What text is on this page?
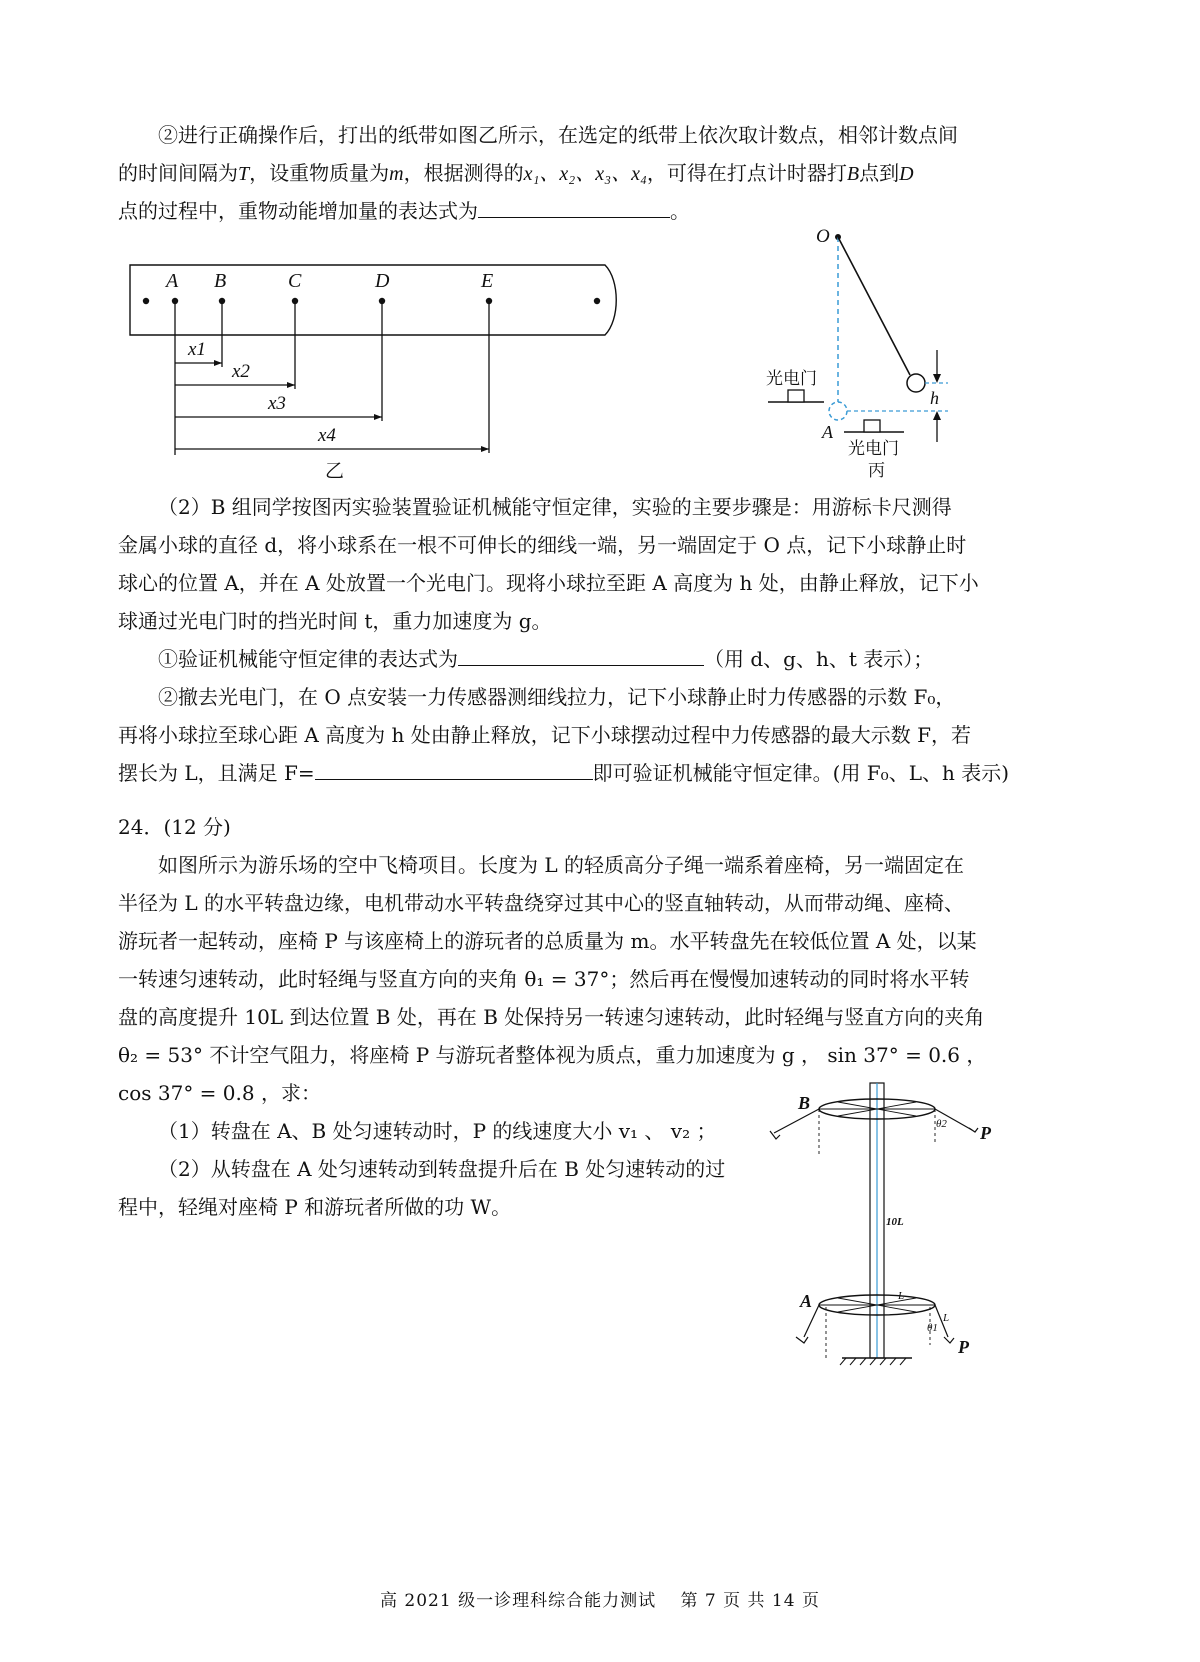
②进行正确操作后，打出的纸带如图乙所示，在选定的纸带上依次取计数点，相邻计数点间
的时间间隔为T，设重物质量为m，根据测得的x₁、x₂、x₃、x₄，可得在打点计时器打B点到D
点的过程中，重物动能增加量的表达式为	。
A B	C	D	E
x1
x2
x3
x4
乙
O
h
光电门
A
光电门
丙
（2）B 组同学按图丙实验装置验证机械能守恒定律，实验的主要步骤是：用游标卡尺测得
金属小球的直径 d，将小球系在一根不可伸长的细线一端，另一端固定于 O 点，记下小球静止时
球心的位置 A，并在 A 处放置一个光电门。现将小球拉至距 A 高度为 h 处，由静止释放，记下小
球通过光电门时的挡光时间 t，重力加速度为 g。
①验证机械能守恒定律的表达式为	（用 d、g、h、t 表示）；
②撤去光电门，在 O 点安装一力传感器测细线拉力，记下小球静止时力传感器的示数 F₀，
再将小球拉至球心距 A 高度为 h 处由静止释放，记下小球摆动过程中力传感器的最大示数 F，若
摆长为 L，且满足 F=	即可验证机械能守恒定律。(用 F₀、L、h 表示)
24．(12 分)
如图所示为游乐场的空中飞椅项目。长度为 L 的轻质高分子绳一端系着座椅，另一端固定在
半径为 L 的水平转盘边缘，电机带动水平转盘绕穿过其中心的竖直轴转动，从而带动绳、座椅、
游玩者一起转动，座椅 P 与该座椅上的游玩者的总质量为 m。水平转盘先在较低位置 A 处，以某
一转速匀速转动，此时轻绳与竖直方向的夹角 θ₁ = 37°；然后再在慢慢加速转动的同时将水平转
盘的高度提升 10L 到达位置 B 处，再在 B 处保持另一转速匀速转动，此时轻绳与竖直方向的夹角
θ₂ = 53° 不计空气阻力，将座椅 P 与游玩者整体视为质点，重力加速度为 g ， sin 37° = 0.6 ，
cos 37° = 0.8 ，求：
（1）转盘在 A、B 处匀速转动时，P 的线速度大小 v₁ 、 v₂ ；
（2）从转盘在 A 处匀速转动到转盘提升后在 B 处匀速转动的过
程中，轻绳对座椅 P 和游玩者所做的功 W。
B
P
θ2
10L
A	L
L
θ1
P
高 2021 级一诊理科综合能力测试　 第 7 页 共 14 页
